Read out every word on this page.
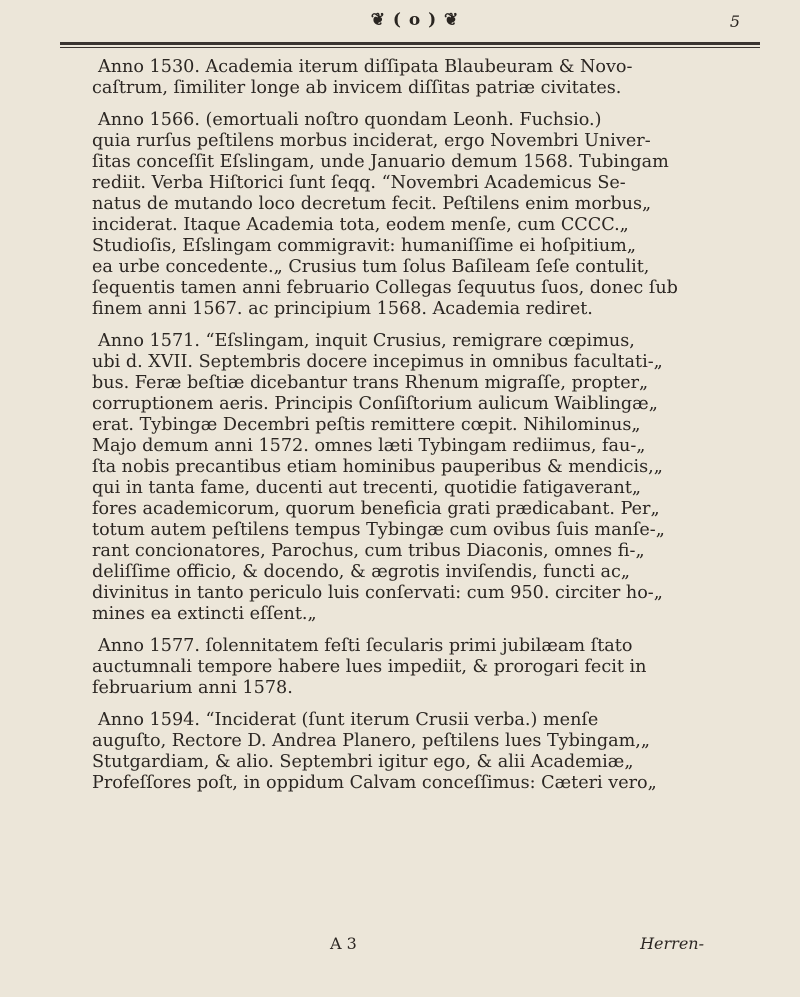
❦ ( o ) ❦	5

Anno 1530. Academia iterum diſſipata Blaubeuram & Novo-
caſtrum, ſimiliter longe ab invicem diſſitas patriæ civitates.

Anno 1566. (emortuali noſtro quondam Leonh. Fuchsio.)
quia rurſus peſtilens morbus inciderat, ergo Novembri Univer-
ſitas conceſſit Eſslingam, unde Januario demum 1568. Tubingam
rediit. Verba Hiſtorici ſunt ſeqq. “Novembri Academicus Se-
natus de mutando loco decretum fecit. Peſtilens enim morbus„
inciderat. Itaque Academia tota, eodem menſe, cum CCCC.„
Studioſis, Eſslingam commigravit: humaniſſime ei hoſpitium„
ea urbe concedente.„ Crusius tum ſolus Baſileam ſeſe contulit,
ſequentis tamen anni februario Collegas ſequutus ſuos, donec ſub
finem anni 1567. ac principium 1568. Academia rediret.

Anno 1571. “Eſslingam, inquit Crusius, remigrare cœpimus,
ubi d. XVII. Septembris docere incepimus in omnibus facultati-„
bus. Feræ beſtiæ dicebantur trans Rhenum migraſſe, propter„
corruptionem aeris. Principis Conſiſtorium aulicum Waiblingæ„
erat. Tybingæ Decembri peſtis remittere cœpit. Nihilominus„
Majo demum anni 1572. omnes læti Tybingam rediimus, fau-„
ſta nobis precantibus etiam hominibus pauperibus & mendicis,„
qui in tanta fame, ducenti aut trecenti, quotidie fatigaverant„
fores academicorum, quorum beneficia grati prædicabant. Per„
totum autem peſtilens tempus Tybingæ cum ovibus ſuis manſe-„
rant concionatores, Parochus, cum tribus Diaconis, omnes fi-„
deliſſime officio, & docendo, & ægrotis inviſendis, functi ac„
divinitus in tanto periculo luis conſervati: cum 950. circiter ho-„
mines ea extincti eſſent.„

Anno 1577. ſolennitatem feſti ſecularis primi jubilæam ſtato
auctumnali tempore habere lues impediit, & prorogari fecit in
februarium anni 1578.

Anno 1594. “Inciderat (ſunt iterum Crusii verba.) menſe
auguſto, Rectore D. Andrea Planero, peſtilens lues Tybingam,„
Stutgardiam, & alio. Septembri igitur ego, & alii Academiæ„
Profeſſores poſt, in oppidum Calvam conceſſimus: Cæteri vero„

A 3	Herren-
